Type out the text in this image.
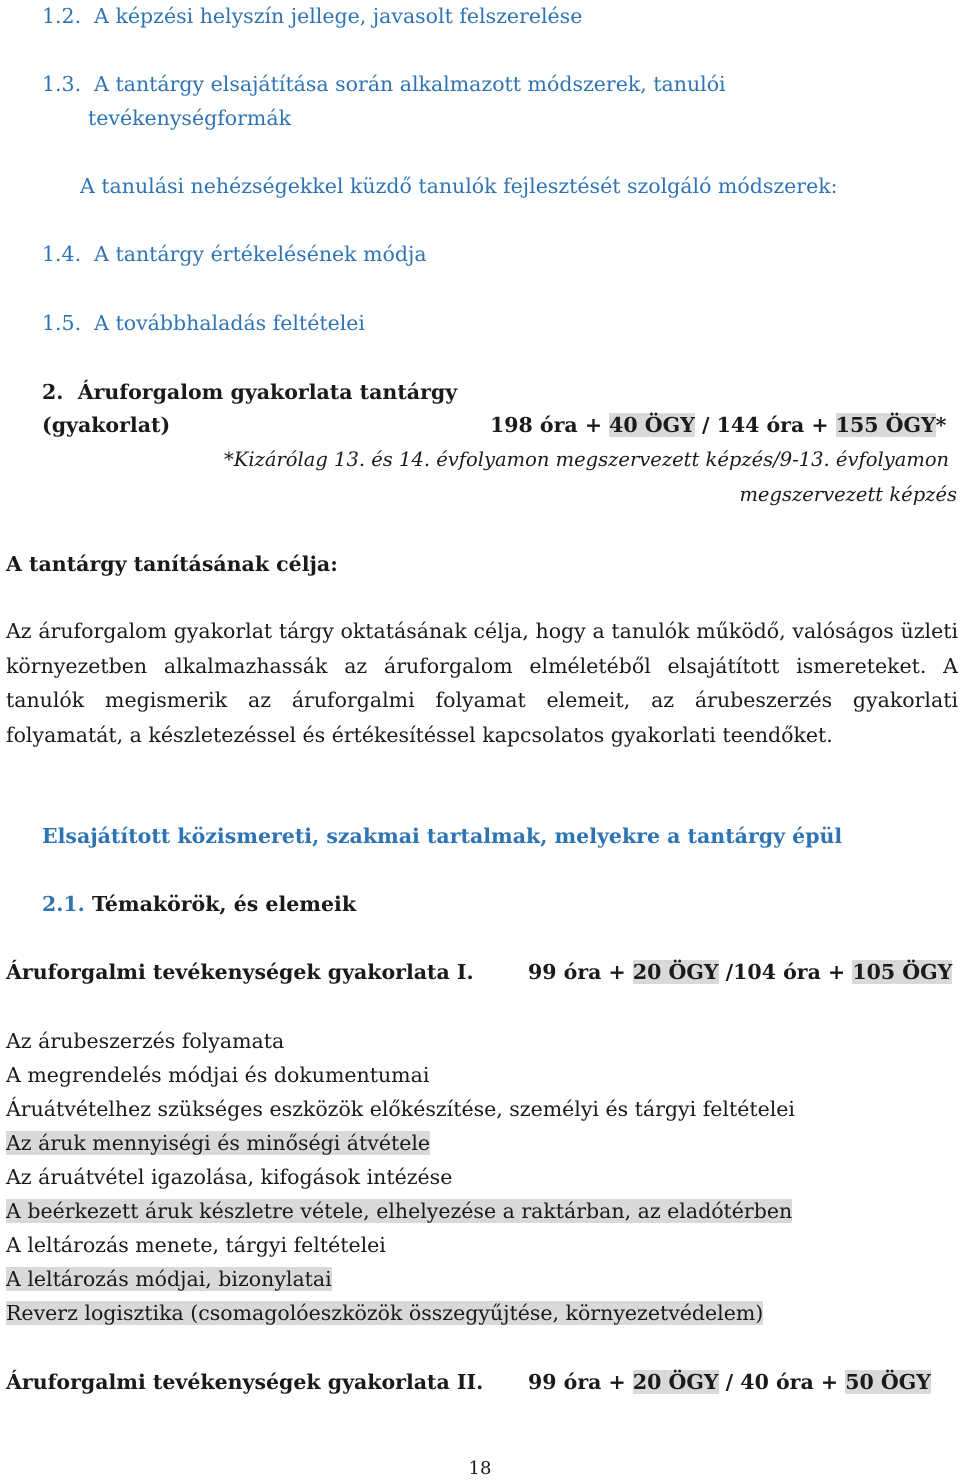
1.2. A képzési helyszín jellege, javasolt felszerelése
1.3. A tantárgy elsajátítása során alkalmazott módszerek, tanulói
tevékenységformák
A tanulási nehézségekkel küzdő tanulók fejlesztését szolgáló módszerek:
1.4. A tantárgy értékelésének módja
1.5. A továbbhaladás feltételei
2. Áruforgalom gyakorlata tantárgy
(gyakorlat)	198 óra + 40 ÖGY / 144 óra + 155 ÖGY*
*Kizárólag 13. és 14. évfolyamon megszervezett képzés/9-13. évfolyamon
megszervezett képzés
A tantárgy tanításának célja:
Az áruforgalom gyakorlat tárgy oktatásának célja, hogy a tanulók működő, valóságos üzleti környezetben alkalmazhassák az áruforgalom elméletéből elsajátított ismereteket. A tanulók megismerik az áruforgalmi folyamat elemeit, az árubeszerzés gyakorlati folyamatát, a készletezéssel és értékesítéssel kapcsolatos gyakorlati teendőket.
Elsajátított közismereti, szakmai tartalmak, melyekre a tantárgy épül
2.1. Témakörök, és elemeik
Áruforgalmi tevékenységek gyakorlata I.	99 óra + 20 ÖGY /104 óra + 105 ÖGY
Az árubeszerzés folyamata
A megrendelés módjai és dokumentumai
Áruátvételhez szükséges eszközök előkészítése, személyi és tárgyi feltételei
Az áruk mennyiségi és minőségi átvétele
Az áruátvétel igazolása, kifogások intézése
A beérkezett áruk készletre vétele, elhelyezése a raktárban, az eladótérben
A leltározás menete, tárgyi feltételei
A leltározás módjai, bizonylatai
Reverz logisztika (csomagolóeszközök összegyűjtése, környezetvédelem)
Áruforgalmi tevékenységek gyakorlata II. 99 óra + 20 ÖGY / 40 óra + 50 ÖGY
18
